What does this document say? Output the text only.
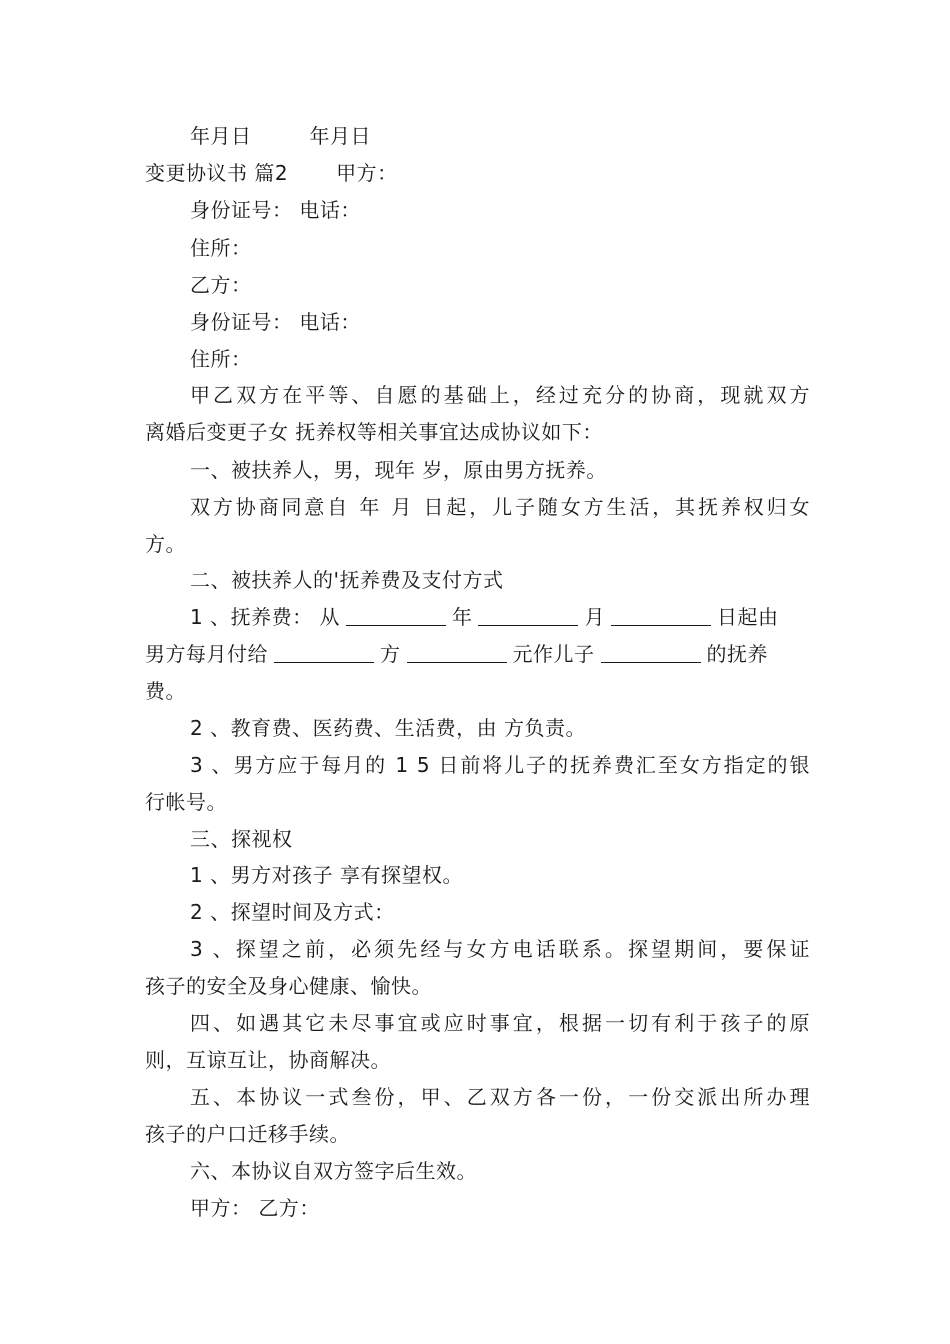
年月日	年月日
变更协议书 篇2 甲方：
身份证号： 电话：
住所：
乙方：
身份证号： 电话：
住所：
甲乙双方在平等、自愿的基础上，经过充分的协商，现就双方
离婚后变更子女 抚养权等相关事宜达成协议如下：
一、被扶养人，男，现年 岁，原由男方抚养。
双方协商同意自 年 月 日起，儿子随女方生活，其抚养权归女
方。
二、被扶养人的'抚养费及支付方式
1 、抚养费： 从	年	月	日起由
男方每月付给	方	元作儿子	的抚养
费。
2 、教育费、医药费、生活费，由 方负责。
3 、男方应于每月的 1 5 日前将儿子的抚养费汇至女方指定的银
行帐号。
三、探视权
1 、男方对孩子 享有探望权。
2 、探望时间及方式：
3 、探望之前，必须先经与女方电话联系。探望期间，要保证
孩子的安全及身心健康、愉快。
四、如遇其它未尽事宜或应时事宜，根据一切有利于孩子的原
则，互谅互让，协商解决。
五、本协议一式叁份，甲、乙双方各一份，一份交派出所办理
孩子的户口迁移手续。
六、本协议自双方签字后生效。
甲方： 乙方：
